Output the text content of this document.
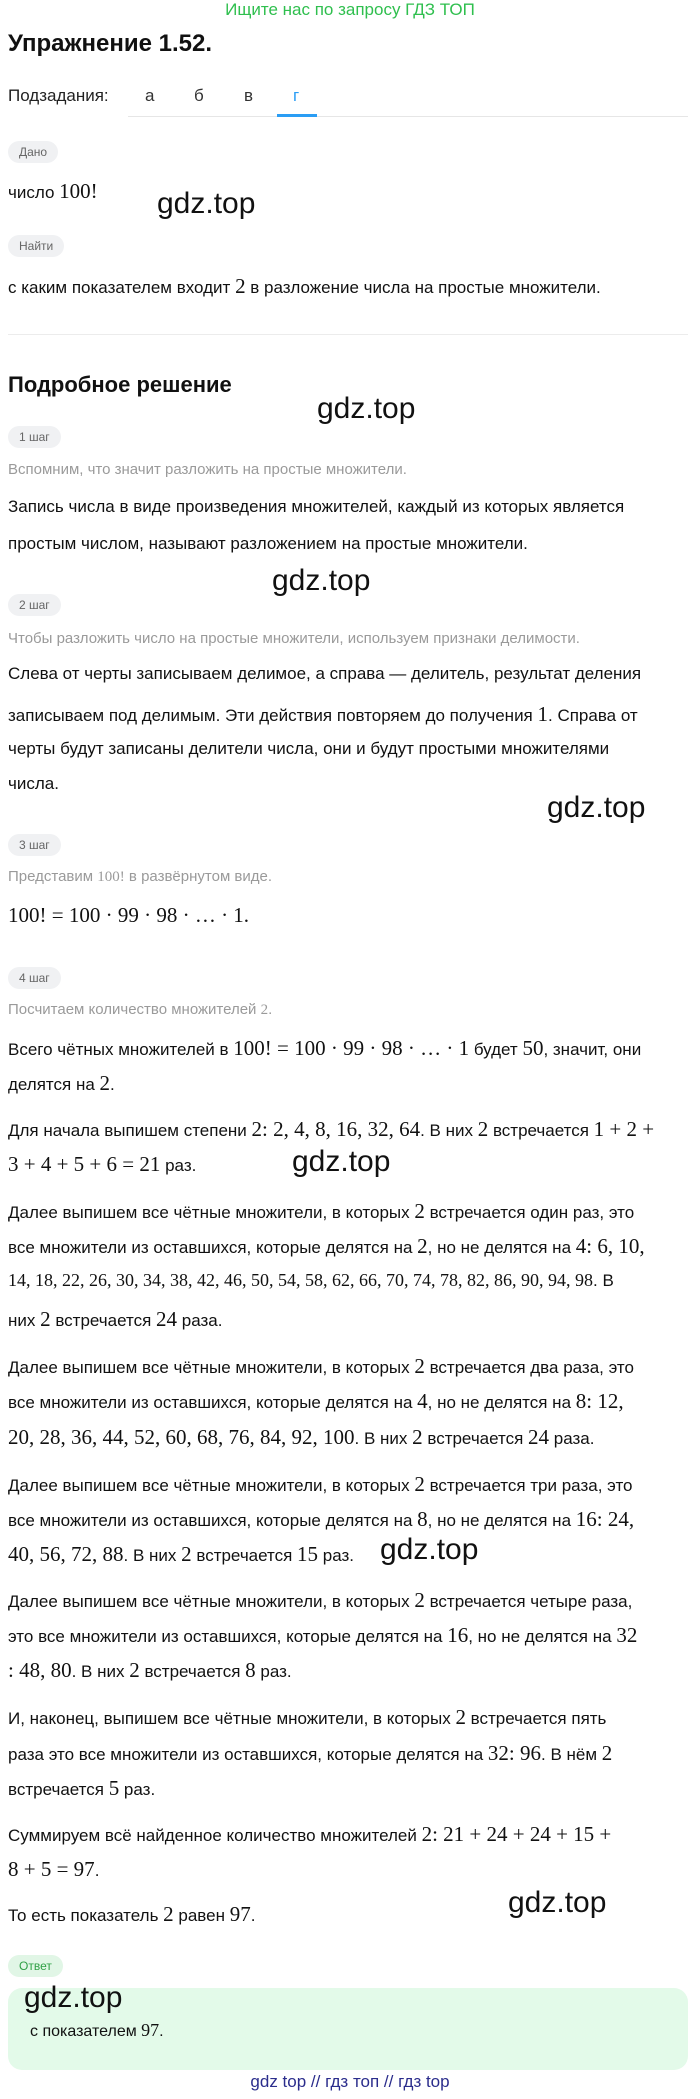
Ищите нас по запросу ГДЗ ТОП
Упражнение 1.52.
Подзадания: а б в г
Дано
число 100!
Найти
с каким показателем входит 2 в разложение числа на простые множители.
Подробное решение
1 шаг
Вспомним, что значит разложить на простые множители.
Запись числа в виде произведения множителей, каждый из которых является
простым числом, называют разложением на простые множители.
2 шаг
Чтобы разложить число на простые множители, используем признаки делимости.
Слева от черты записываем делимое, а справа — делитель, результат деления
записываем под делимым. Эти действия повторяем до получения 1. Справа от
черты будут записаны делители числа, они и будут простыми множителями
числа.
3 шаг
Представим 100! в развёрнутом виде.
100! = 100 · 99 · 98 · … · 1.
4 шаг
Посчитаем количество множителей 2.
Всего чётных множителей в 100! = 100 · 99 · 98 · … · 1 будет 50, значит, они
делятся на 2.
Для начала выпишем степени 2: 2, 4, 8, 16, 32, 64. В них 2 встречается 1 + 2 +
3 + 4 + 5 + 6 = 21 раз.
Далее выпишем все чётные множители, в которых 2 встречается один раз, это
все множители из оставшихся, которые делятся на 2, но не делятся на 4: 6, 10,
14, 18, 22, 26, 30, 34, 38, 42, 46, 50, 54, 58, 62, 66, 70, 74, 78, 82, 86, 90, 94, 98. В
них 2 встречается 24 раза.
Далее выпишем все чётные множители, в которых 2 встречается два раза, это
все множители из оставшихся, которые делятся на 4, но не делятся на 8: 12,
20, 28, 36, 44, 52, 60, 68, 76, 84, 92, 100. В них 2 встречается 24 раза.
Далее выпишем все чётные множители, в которых 2 встречается три раза, это
все множители из оставшихся, которые делятся на 8, но не делятся на 16: 24,
40, 56, 72, 88. В них 2 встречается 15 раз.
Далее выпишем все чётные множители, в которых 2 встречается четыре раза,
это все множители из оставшихся, которые делятся на 16, но не делятся на 32
: 48, 80. В них 2 встречается 8 раз.
И, наконец, выпишем все чётные множители, в которых 2 встречается пять
раза это все множители из оставшихся, которые делятся на 32: 96. В нём 2
встречается 5 раз.
Суммируем всё найденное количество множителей 2: 21 + 24 + 24 + 15 +
8 + 5 = 97.
То есть показатель 2 равен 97.
Ответ
с показателем 97.
gdz.top
gdz.top
gdz.top
gdz.top
gdz.top
gdz.top
gdz.top
gdz.top
gdz top // гдз топ // гдз top
